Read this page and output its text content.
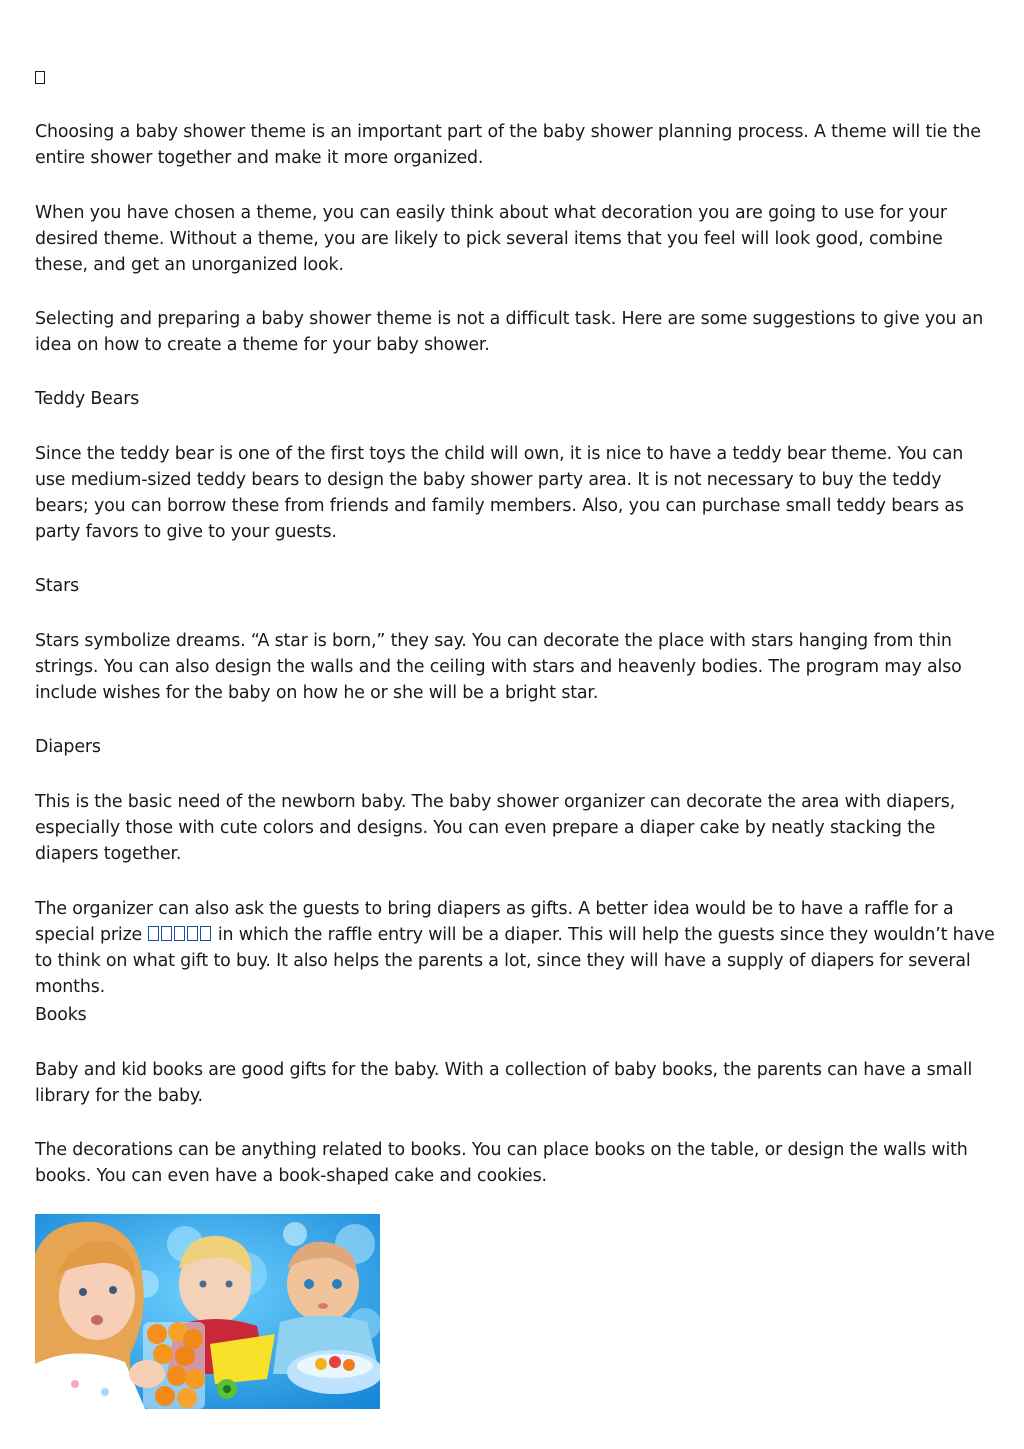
Choosing a baby shower theme is an important part of the baby shower planning process. A theme will tie the entire shower together and make it more organized.

When you have chosen a theme, you can easily think about what decoration you are going to use for your desired theme. Without a theme, you are likely to pick several items that you feel will look good, combine these, and get an unorganized look.

Selecting and preparing a baby shower theme is not a difficult task. Here are some suggestions to give you an idea on how to create a theme for your baby shower.

Teddy Bears

Since the teddy bear is one of the first toys the child will own, it is nice to have a teddy bear theme. You can use medium-sized teddy bears to design the baby shower party area. It is not necessary to buy the teddy bears; you can borrow these from friends and family members. Also, you can purchase small teddy bears as party favors to give to your guests.

Stars

Stars symbolize dreams. “A star is born,” they say. You can decorate the place with stars hanging from thin strings. You can also design the walls and the ceiling with stars and heavenly bodies. The program may also include wishes for the baby on how he or she will be a bright star.

Diapers

This is the basic need of the newborn baby. The baby shower organizer can decorate the area with diapers, especially those with cute colors and designs. You can even prepare a diaper cake by neatly stacking the diapers together.

The organizer can also ask the guests to bring diapers as gifts. A better idea would be to have a raffle for a special prize	in which the raffle entry will be a diaper. This will help the guests since they wouldn’t have to think on what gift to buy. It also helps the parents a lot, since they will have a supply of diapers for several months.

Books

Baby and kid books are good gifts for the baby. With a collection of baby books, the parents can have a small library for the baby.

The decorations can be anything related to books. You can place books on the table, or design the walls with books. You can even have a book-shaped cake and cookies.
